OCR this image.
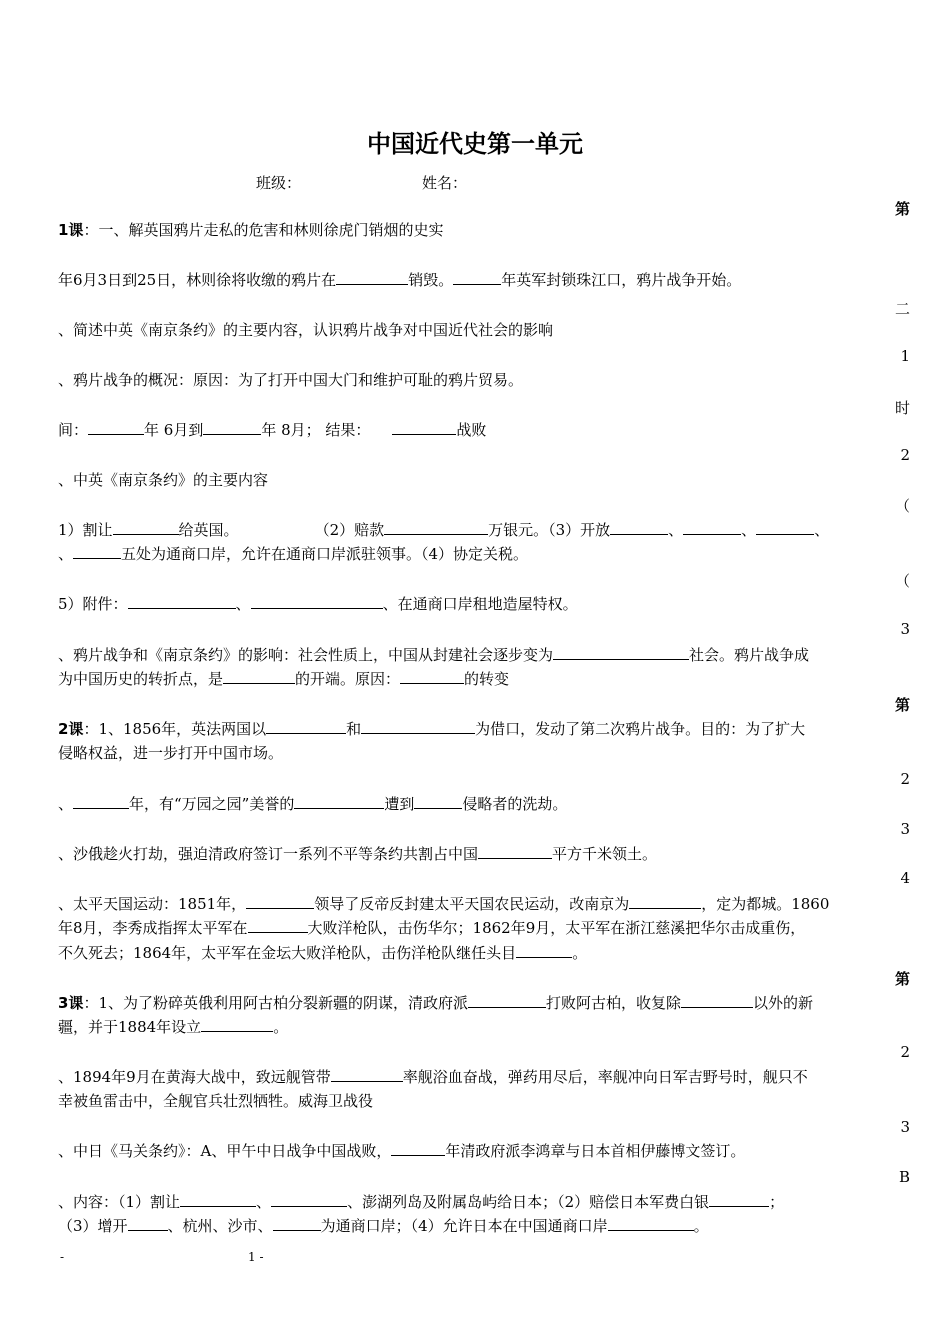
中国近代史第一单元
班级：	姓名：
第
二
1
时
2
（
（
3
第
2
3
4
第
2
3
B
1课：一、解英国鸦片走私的危害和林则徐虎门销烟的史实
年6月3日到25日，林则徐将收缴的鸦片在	销毁。	年英军封锁珠江口，鸦片战争开始。
、简述中英《南京条约》的主要内容，认识鸦片战争对中国近代社会的影响
、鸦片战争的概况：原因：为了打开中国大门和维护可耻的鸦片贸易。
间：	年 6月到	年 8月； 结果：	战败
、中英《南京条约》的主要内容
1）割让	给英国。	（2）赔款	万银元。（3）开放	、	、	、
、	五处为通商口岸，允许在通商口岸派驻领事。（4）协定关税。
5）附件：	、	、在通商口岸租地造屋特权。
、鸦片战争和《南京条约》的影响：社会性质上，中国从封建社会逐步变为	社会。鸦片战争成
为中国历史的转折点，是	的开端。原因：	的转变
2课：1、1856年，英法两国以	和	为借口，发动了第二次鸦片战争。目的：为了扩大
侵略权益，进一步打开中国市场。
、	年，有“万园之园”美誉的	遭到	侵略者的洗劫。
、沙俄趁火打劫，强迫清政府签订一系列不平等条约共割占中国	平方千米领土。
、太平天国运动：1851年，	领导了反帝反封建太平天国农民运动，改南京为	，定为都城。1860
年8月，李秀成指挥太平军在	大败洋枪队，击伤华尔；1862年9月，太平军在浙江慈溪把华尔击成重伤，
不久死去；1864年，太平军在金坛大败洋枪队，击伤洋枪队继任头目	。
3课：1、为了粉碎英俄利用阿古柏分裂新疆的阴谋，清政府派	打败阿古柏，收复除	以外的新
疆，并于1884年设立	。
、1894年9月在黄海大战中，致远舰管带	率舰浴血奋战，弹药用尽后，率舰冲向日军吉野号时，舰只不
幸被鱼雷击中，全舰官兵壮烈牺牲。威海卫战役
、中日《马关条约》：A、甲午中日战争中国战败，	年清政府派李鸿章与日本首相伊藤博文签订。
、内容：（1）割让	、	、澎湖列岛及附属岛屿给日本；（2）赔偿日本军费白银	；
（3）增开	、杭州、沙市、	为通商口岸；（4）允许日本在中国通商口岸	。
-	1 -
